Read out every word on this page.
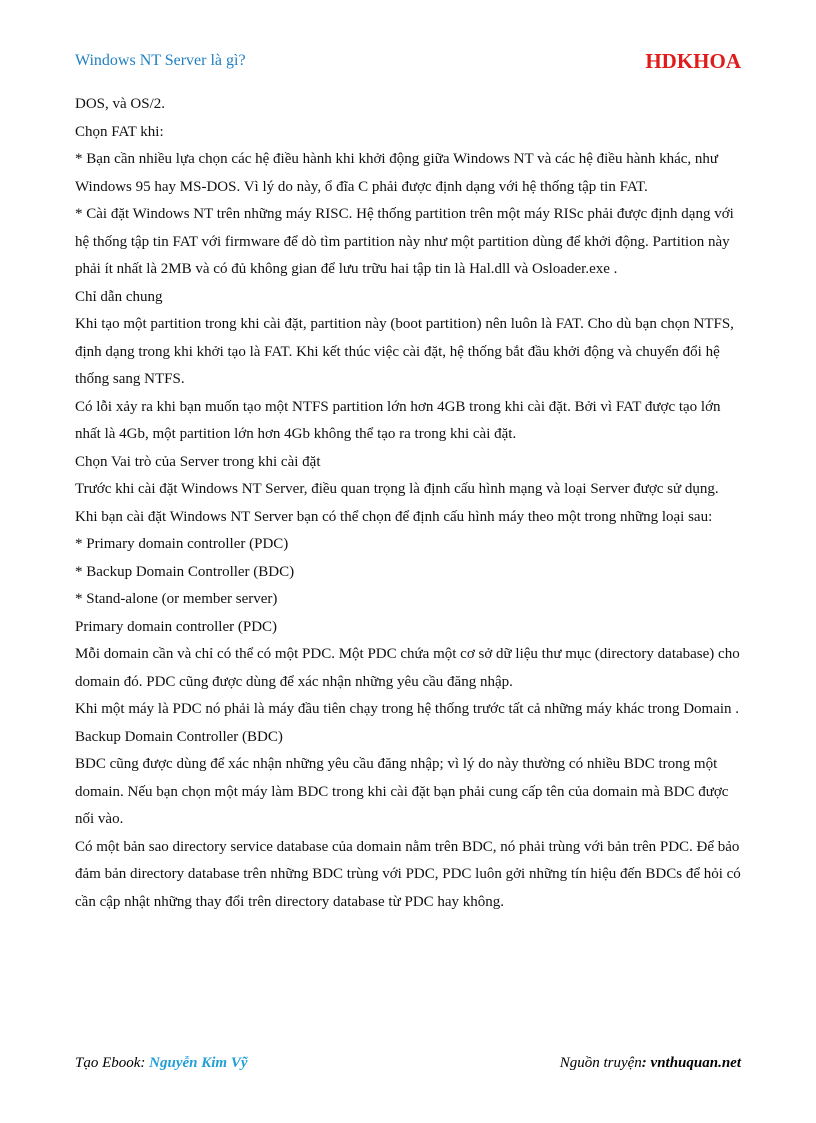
Windows NT Server là gì?	HDKHOA

DOS, và OS/2.

Chọn FAT khi:

* Bạn cần nhiều lựa chọn các hệ điều hành khi khởi động giữa Windows NT và các hệ điều hành khác, như Windows 95 hay MS-DOS. Vì lý do này, ổ đĩa C phải được định dạng với hệ thống tập tin FAT.

* Cài đặt Windows NT trên những máy RISC. Hệ thống partition trên một máy RISc phải được định dạng với hệ thống tập tin FAT với firmware để dò tìm partition này như một partition dùng để khởi động. Partition này phải ít nhất là 2MB và có đủ không gian để lưu trữu hai tập tin là Hal.dll và Osloader.exe .

Chỉ dẫn chung

Khi tạo một partition trong khi cài đặt, partition này (boot partition) nên luôn là FAT. Cho dù bạn chọn NTFS, định dạng trong khi khởi tạo là FAT. Khi kết thúc việc cài đặt, hệ thống bắt đầu khởi động và chuyển đổi hệ thống sang NTFS.

Có lỗi xảy ra khi bạn muốn tạo một NTFS partition lớn hơn 4GB trong khi cài đặt. Bởi vì FAT được tạo lớn nhất là 4Gb, một partition lớn hơn 4Gb không thể tạo ra trong khi cài đặt.

Chọn Vai trò của Server trong khi cài đặt

Trước khi cài đặt Windows NT Server, điều quan trọng là định cấu hình mạng và loại Server được sử dụng. Khi bạn cài đặt Windows NT Server bạn có thể chọn để định cấu hình máy theo một trong những loại sau:

* Primary domain controller (PDC)

* Backup Domain Controller (BDC)

* Stand-alone (or member server)

Primary domain controller (PDC)

Mỗi domain cần và chỉ có thể có một PDC. Một PDC chứa một cơ sở dữ liệu thư mục (directory database) cho domain đó. PDC cũng được dùng để xác nhận những yêu cầu đăng nhập.

Khi một máy là PDC nó phải là máy đầu tiên chạy trong hệ thống trước tất cả những máy khác trong Domain .

Backup Domain Controller (BDC)

BDC cũng được dùng để xác nhận những yêu cầu đăng nhập; vì lý do này thường có nhiều BDC trong một domain. Nếu bạn chọn một máy làm BDC trong khi cài đặt bạn phải cung cấp tên của domain mà BDC được nối vào.

Có một bản sao directory service database của domain nằm trên BDC, nó phải trùng với bản trên PDC. Để bảo đảm bản directory database trên những BDC trùng với PDC, PDC luôn gởi những tín hiệu đến BDCs để hỏi có cần cập nhật những thay đổi trên directory database từ PDC hay không.

Tạo Ebook: Nguyễn Kim Vỹ	Nguồn truyện: vnthuquan.net
